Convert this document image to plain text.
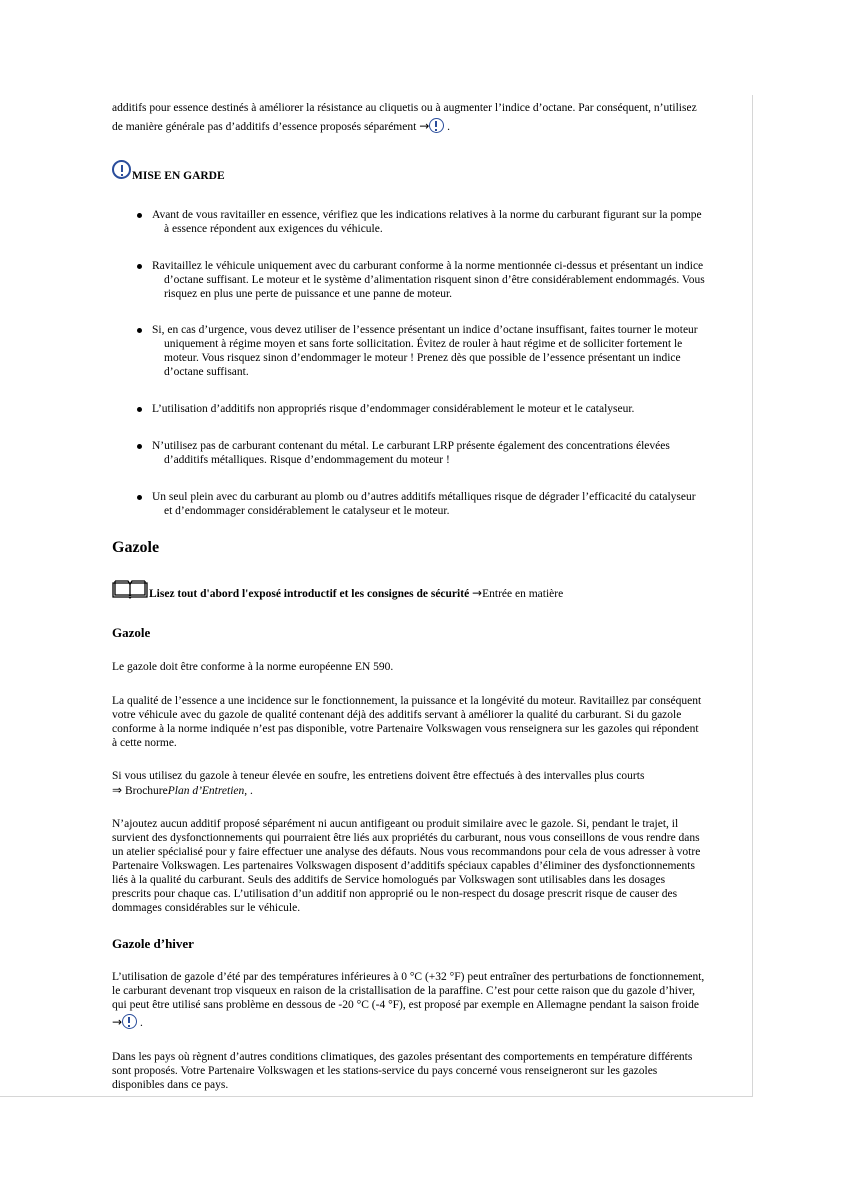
additifs pour essence destinés à améliorer la résistance au cliquetis ou à augmenter l’indice d’octane. Par conséquent, n’utilisez
de manière générale pas d’additifs d’essence proposés séparément → .

MISE EN GARDE
Avant de vous ravitailler en essence, vérifiez que les indications relatives à la norme du carburant figurant sur la pompe
à essence répondent aux exigences du véhicule.
Ravitaillez le véhicule uniquement avec du carburant conforme à la norme mentionnée ci-dessus et présentant un indice
d’octane suffisant. Le moteur et le système d’alimentation risquent sinon d’être considérablement endommagés. Vous
risquez en plus une perte de puissance et une panne de moteur.
Si, en cas d’urgence, vous devez utiliser de l’essence présentant un indice d’octane insuffisant, faites tourner le moteur
uniquement à régime moyen et sans forte sollicitation. Évitez de rouler à haut régime et de solliciter fortement le
moteur. Vous risquez sinon d’endommager le moteur ! Prenez dès que possible de l’essence présentant un indice
d’octane suffisant.
L’utilisation d’additifs non appropriés risque d’endommager considérablement le moteur et le catalyseur.
N’utilisez pas de carburant contenant du métal. Le carburant LRP présente également des concentrations élevées
d’additifs métalliques. Risque d’endommagement du moteur !
Un seul plein avec du carburant au plomb ou d’autres additifs métalliques risque de dégrader l’efficacité du catalyseur
et d’endommager considérablement le catalyseur et le moteur.
Gazole
Lisez tout d'abord l'exposé introductif et les consignes de sécurité →Entrée en matière
Gazole

Le gazole doit être conforme à la norme européenne EN 590.

La qualité de l’essence a une incidence sur le fonctionnement, la puissance et la longévité du moteur. Ravitaillez par conséquent
votre véhicule avec du gazole de qualité contenant déjà des additifs servant à améliorer la qualité du carburant. Si du gazole
conforme à la norme indiquée n’est pas disponible, votre Partenaire Volkswagen vous renseignera sur les gazoles qui répondent
à cette norme.

Si vous utilisez du gazole à teneur élevée en soufre, les entretiens doivent être effectués à des intervalles plus courts
⇒ BrochurePlan d’Entretien, .

N’ajoutez aucun additif proposé séparément ni aucun antifigeant ou produit similaire avec le gazole. Si, pendant le trajet, il
survient des dysfonctionnements qui pourraient être liés aux propriétés du carburant, nous vous conseillons de vous rendre dans
un atelier spécialisé pour y faire effectuer une analyse des défauts. Nous vous recommandons pour cela de vous adresser à votre
Partenaire Volkswagen. Les partenaires Volkswagen disposent d’additifs spéciaux capables d’éliminer des dysfonctionnements
liés à la qualité du carburant. Seuls des additifs de Service homologués par Volkswagen sont utilisables dans les dosages
prescrits pour chaque cas. L’utilisation d’un additif non approprié ou le non-respect du dosage prescrit risque de causer des
dommages considérables sur le véhicule.

Gazole d’hiver

L’utilisation de gazole d’été par des températures inférieures à 0 °C (+32 °F) peut entraîner des perturbations de fonctionnement,
le carburant devenant trop visqueux en raison de la cristallisation de la paraffine. C’est pour cette raison que du gazole d’hiver,
qui peut être utilisé sans problème en dessous de -20 °C (-4 °F), est proposé par exemple en Allemagne pendant la saison froide
→ .

Dans les pays où règnent d’autres conditions climatiques, des gazoles présentant des comportements en température différents
sont proposés. Votre Partenaire Volkswagen et les stations-service du pays concerné vous renseigneront sur les gazoles
disponibles dans ce pays.
